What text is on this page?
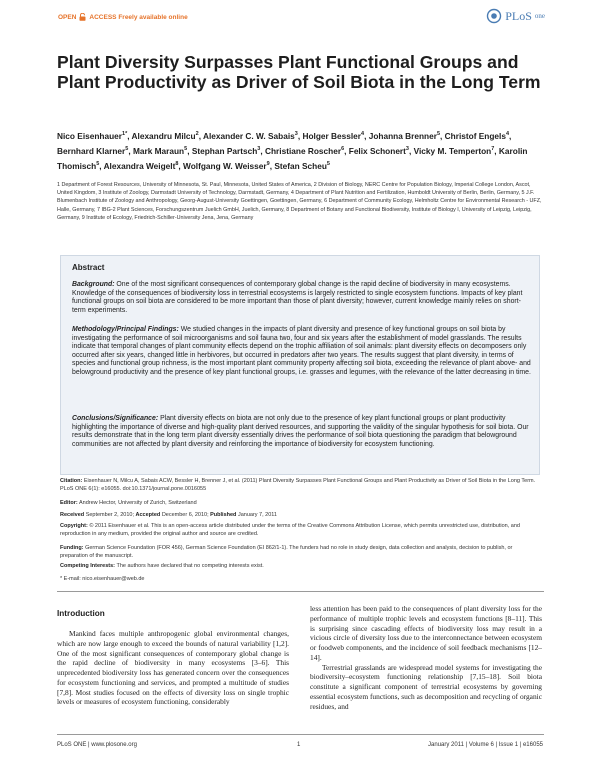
OPEN ACCESS Freely available online	PLoS one
Plant Diversity Surpasses Plant Functional Groups and Plant Productivity as Driver of Soil Biota in the Long Term
Nico Eisenhauer$^{1*}$, Alexandru Milcu$^2$, Alexander C. W. Sabais$^3$, Holger Bessler$^4$, Johanna Brenner$^5$, Christof Engels$^4$, Bernhard Klarner$^5$, Mark Maraun$^5$, Stephan Partsch$^3$, Christiane Roscher$^6$, Felix Schonert$^3$, Vicky M. Temperton$^7$, Karolin Thomisch$^5$, Alexandra Weigelt$^8$, Wolfgang W. Weisser$^9$, Stefan Scheu$^5$
1 Department of Forest Resources, University of Minnesota, St. Paul, Minnesota, United States of America, 2 Division of Biology, NERC Centre for Population Biology, Imperial College London, Ascot, United Kingdom, 3 Institute of Zoology, Darmstadt University of Technology, Darmstadt, Germany, 4 Department of Plant Nutrition and Fertilization, Humboldt University of Berlin, Berlin, Germany, 5 J.F. Blumenbach Institute of Zoology and Anthropology, Georg-August-University Goettingen, Goettingen, Germany, 6 Department of Community Ecology, Helmholtz Centre for Environmental Research - UFZ, Halle, Germany, 7 IBG-2 Plant Sciences, Forschungszentrum Juelich GmbH, Juelich, Germany, 8 Department of Botany and Functional Biodiversity, Institute of Biology I, University of Leipzig, Leipzig, Germany, 9 Institute of Ecology, Friedrich-Schiller-University Jena, Jena, Germany
Abstract
Background: One of the most significant consequences of contemporary global change is the rapid decline of biodiversity in many ecosystems. Knowledge of the consequences of biodiversity loss in terrestrial ecosystems is largely restricted to single ecosystem functions. Impacts of key plant functional groups on soil biota are considered to be more important than those of plant diversity; however, current knowledge mainly relies on short-term experiments.
Methodology/Principal Findings: We studied changes in the impacts of plant diversity and presence of key functional groups on soil biota by investigating the performance of soil microorganisms and soil fauna two, four and six years after the establishment of model grasslands. The results indicate that temporal changes of plant community effects depend on the trophic affiliation of soil animals: plant diversity effects on decomposers only occurred after six years, changed little in herbivores, but occurred in predators after two years. The results suggest that plant diversity, in terms of species and functional group richness, is the most important plant community property affecting soil biota, exceeding the relevance of plant above- and belowground productivity and the presence of key plant functional groups, i.e. grasses and legumes, with the relevance of the latter decreasing in time.
Conclusions/Significance: Plant diversity effects on biota are not only due to the presence of key plant functional groups or plant productivity highlighting the importance of diverse and high-quality plant derived resources, and supporting the validity of the singular hypothesis for soil biota. Our results demonstrate that in the long term plant diversity essentially drives the performance of soil biota questioning the paradigm that belowground communities are not affected by plant diversity and reinforcing the importance of biodiversity for ecosystem functioning.
Citation: Eisenhauer N, Milcu A, Sabais ACW, Bessler H, Brenner J, et al. (2011) Plant Diversity Surpasses Plant Functional Groups and Plant Productivity as Driver of Soil Biota in the Long Term. PLoS ONE 6(1): e16055. doi:10.1371/journal.pone.0016055
Editor: Andrew Hector, University of Zurich, Switzerland
Received September 2, 2010; Accepted December 6, 2010; Published January 7, 2011
Copyright: © 2011 Eisenhauer et al. This is an open-access article distributed under the terms of the Creative Commons Attribution License, which permits unrestricted use, distribution, and reproduction in any medium, provided the original author and source are credited.
Funding: German Science Foundation (FOR 456), German Science Foundation (EI 862/1-1). The funders had no role in study design, data collection and analysis, decision to publish, or preparation of the manuscript.
Competing Interests: The authors have declared that no competing interests exist.
* E-mail: nico.eisenhauer@web.de
Introduction

Mankind faces multiple anthropogenic global environmental changes, which are now large enough to exceed the bounds of natural variability [1,2]. One of the most significant consequences of contemporary global change is the rapid decline of biodiversity in many ecosystems [3–6]. This unprecedented biodiversity loss has generated concern over the consequences for ecosystem functioning and services, and prompted a multitude of studies [7,8]. Most studies focused on the effects of diversity loss on single trophic levels or measures of ecosystem functioning, considerably

less attention has been paid to the consequences of plant diversity loss for the performance of multiple trophic levels and ecosystem functions [8–11]. This is surprising since cascading effects of biodiversity loss may result in a vicious circle of diversity loss due to the interconnectance between ecosystem or foodweb components, and the incidence of soil feedback mechanisms [12–14].

Terrestrial grasslands are widespread model systems for investigating the biodiversity–ecosystem functioning relationship [7,15–18]. Soil biota constitute a significant component of terrestrial ecosystems by governing essential ecosystem functions, such as decomposition and recycling of organic residues, and

PLoS ONE | www.plosone.org	1	January 2011 | Volume 6 | Issue 1 | e16055
